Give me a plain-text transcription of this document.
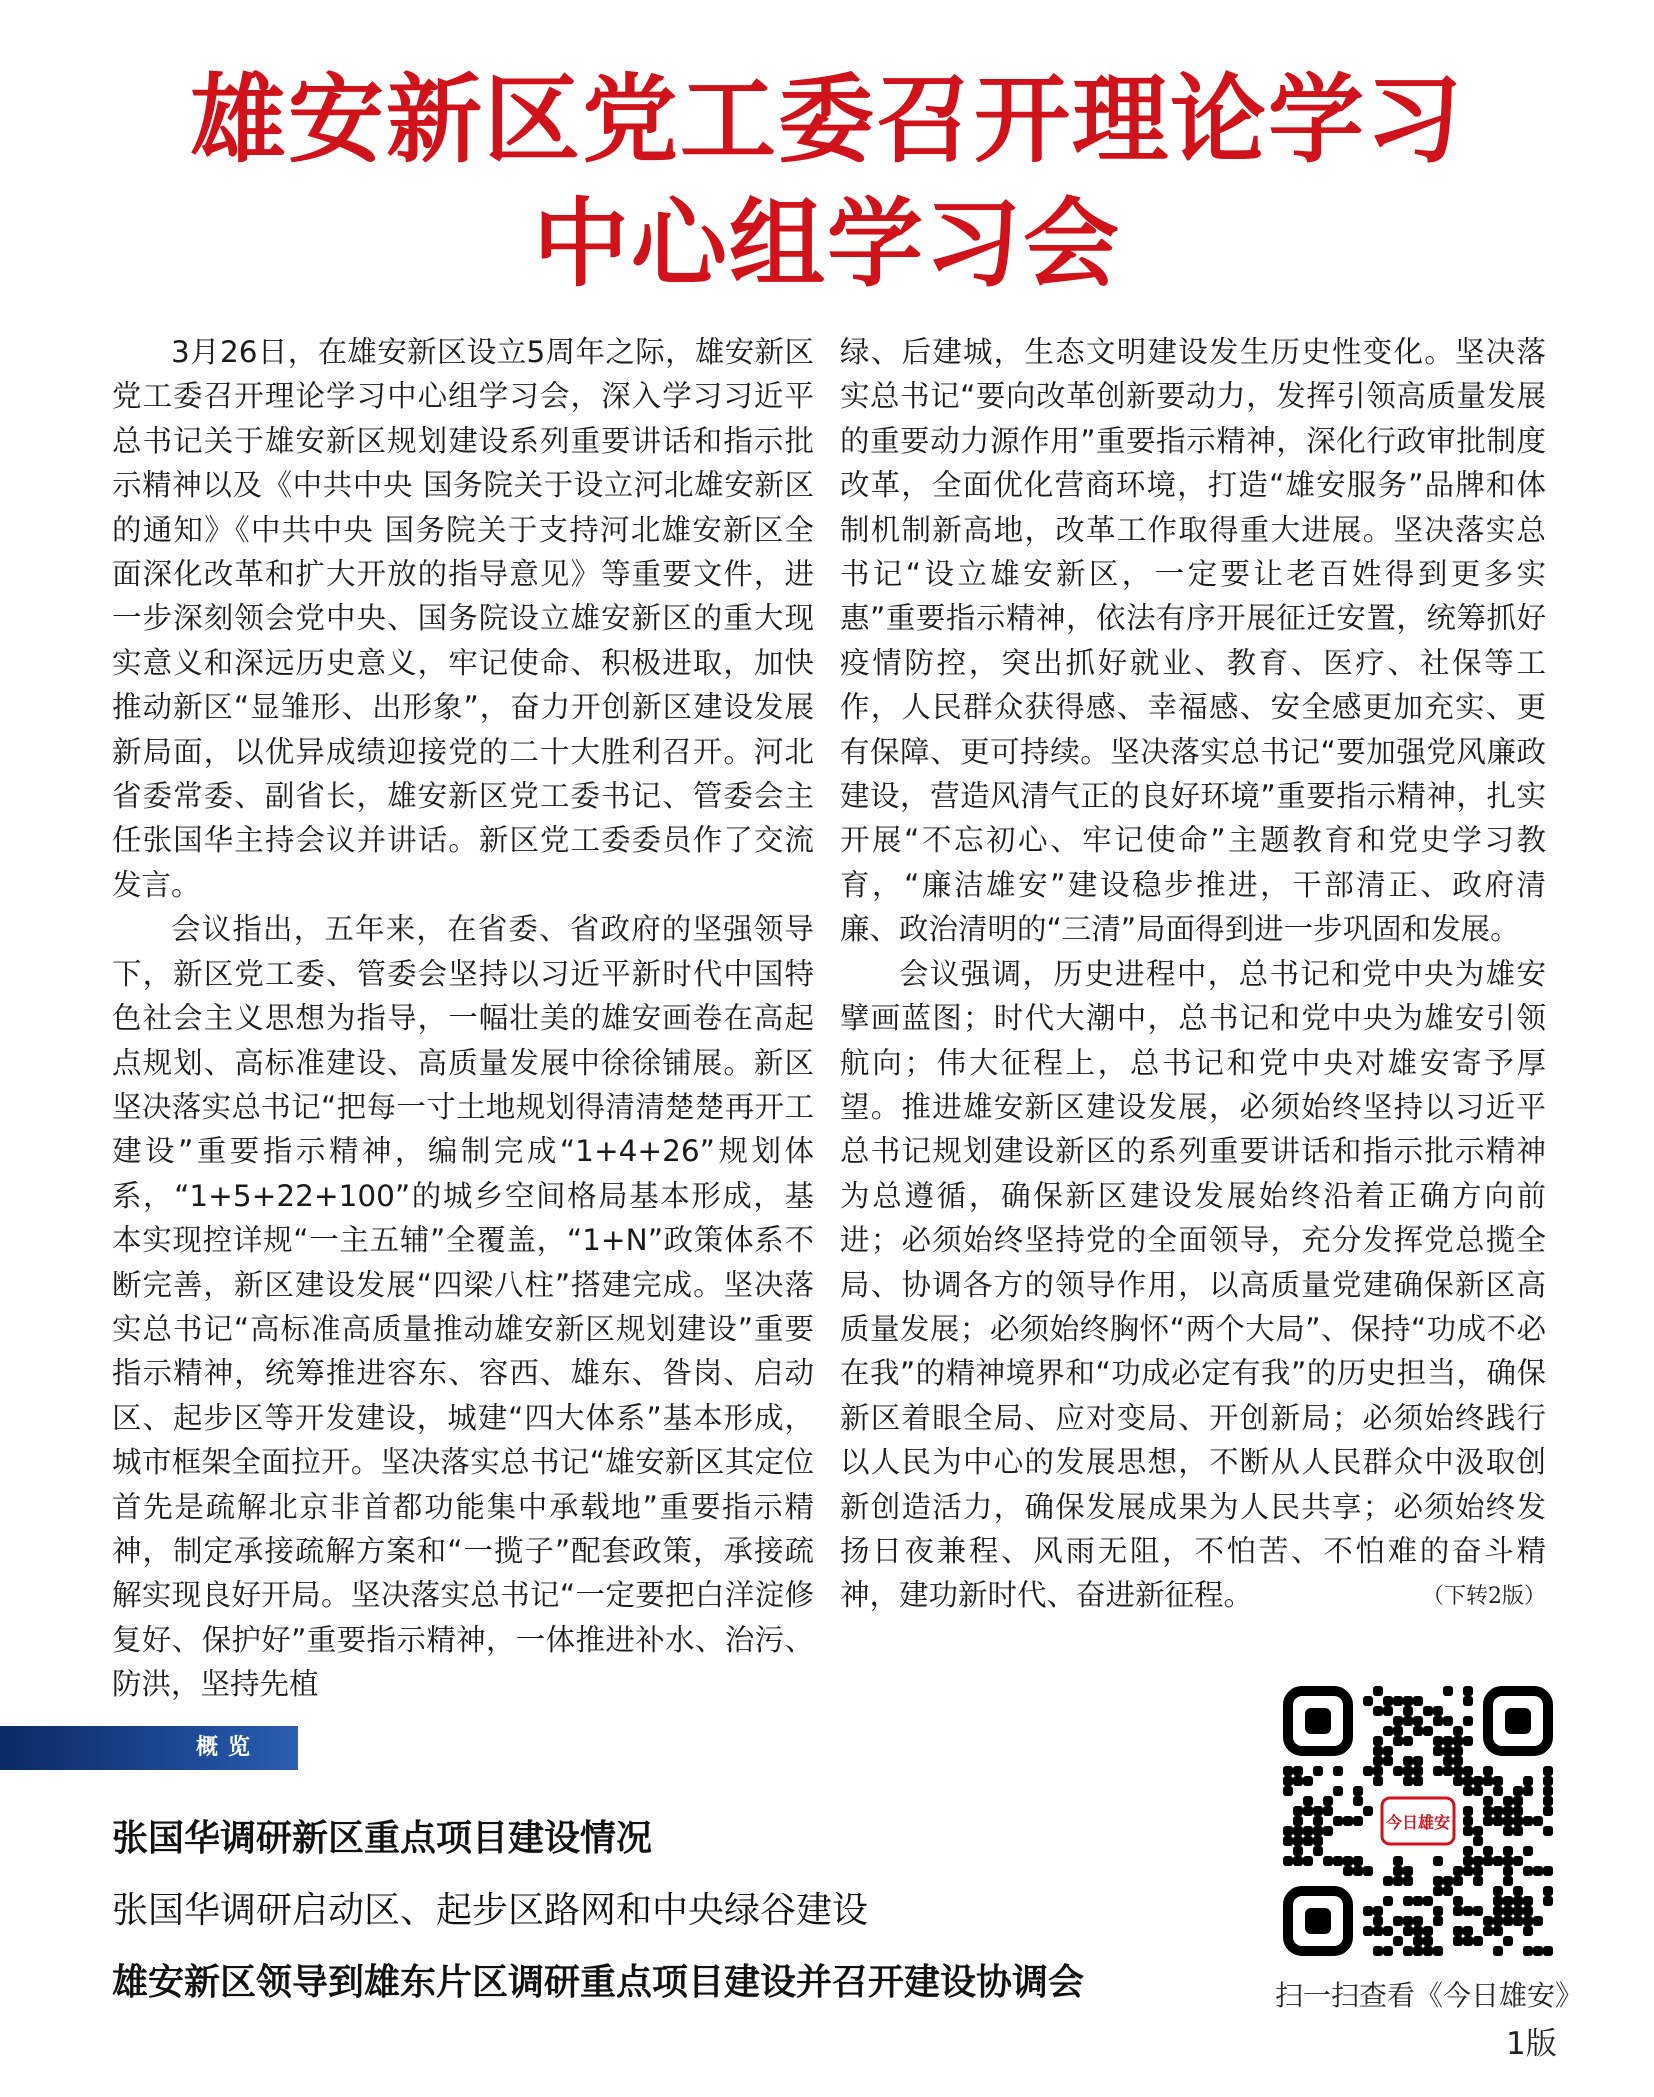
雄安新区党工委召开理论学习
中心组学习会

3月26日，在雄安新区设立5周年之际，雄安新区党工委召开理论学习中心组学习会，深入学习习近平总书记关于雄安新区规划建设系列重要讲话和指示批示精神以及《中共中央 国务院关于设立河北雄安新区的通知》《中共中央 国务院关于支持河北雄安新区全面深化改革和扩大开放的指导意见》等重要文件，进一步深刻领会党中央、国务院设立雄安新区的重大现实意义和深远历史意义，牢记使命、积极进取，加快推动新区“显雏形、出形象”，奋力开创新区建设发展新局面，以优异成绩迎接党的二十大胜利召开。河北省委常委、副省长，雄安新区党工委书记、管委会主任张国华主持会议并讲话。新区党工委委员作了交流发言。

会议指出，五年来，在省委、省政府的坚强领导下，新区党工委、管委会坚持以习近平新时代中国特色社会主义思想为指导，一幅壮美的雄安画卷在高起点规划、高标准建设、高质量发展中徐徐铺展。新区坚决落实总书记“把每一寸土地规划得清清楚楚再开工建设”重要指示精神，编制完成“1+4+26”规划体系，“1+5+22+100”的城乡空间格局基本形成，基本实现控详规“一主五辅”全覆盖，“1+N”政策体系不断完善，新区建设发展“四梁八柱”搭建完成。坚决落实总书记“高标准高质量推动雄安新区规划建设”重要指示精神，统筹推进容东、容西、雄东、昝岗、启动区、起步区等开发建设，城建“四大体系”基本形成，城市框架全面拉开。坚决落实总书记“雄安新区其定位首先是疏解北京非首都功能集中承载地”重要指示精神，制定承接疏解方案和“一揽子”配套政策，承接疏解实现良好开局。坚决落实总书记“一定要把白洋淀修复好、保护好”重要指示精神，一体推进补水、治污、防洪，坚持先植

绿、后建城，生态文明建设发生历史性变化。坚决落实总书记“要向改革创新要动力，发挥引领高质量发展的重要动力源作用”重要指示精神，深化行政审批制度改革，全面优化营商环境，打造“雄安服务”品牌和体制机制新高地，改革工作取得重大进展。坚决落实总书记“设立雄安新区，一定要让老百姓得到更多实惠”重要指示精神，依法有序开展征迁安置，统筹抓好疫情防控，突出抓好就业、教育、医疗、社保等工作，人民群众获得感、幸福感、安全感更加充实、更有保障、更可持续。坚决落实总书记“要加强党风廉政建设，营造风清气正的良好环境”重要指示精神，扎实开展“不忘初心、牢记使命”主题教育和党史学习教育，“廉洁雄安”建设稳步推进，干部清正、政府清廉、政治清明的“三清”局面得到进一步巩固和发展。

会议强调，历史进程中，总书记和党中央为雄安擘画蓝图；时代大潮中，总书记和党中央为雄安引领航向；伟大征程上，总书记和党中央对雄安寄予厚望。推进雄安新区建设发展，必须始终坚持以习近平总书记规划建设新区的系列重要讲话和指示批示精神为总遵循，确保新区建设发展始终沿着正确方向前进；必须始终坚持党的全面领导，充分发挥党总揽全局、协调各方的领导作用，以高质量党建确保新区高质量发展；必须始终胸怀“两个大局”、保持“功成不必在我”的精神境界和“功成必定有我”的历史担当，确保新区着眼全局、应对变局、开创新局；必须始终践行以人民为中心的发展思想，不断从人民群众中汲取创新创造活力，确保发展成果为人民共享；必须始终发扬日夜兼程、风雨无阻，不怕苦、不怕难的奋斗精神，建功新时代、奋进新征程。	（下转2版）

概览
张国华调研新区重点项目建设情况
张国华调研启动区、起步区路网和中央绿谷建设
雄安新区领导到雄东片区调研重点项目建设并召开建设协调会
今日雄安
扫一扫查看《今日雄安》
1版
